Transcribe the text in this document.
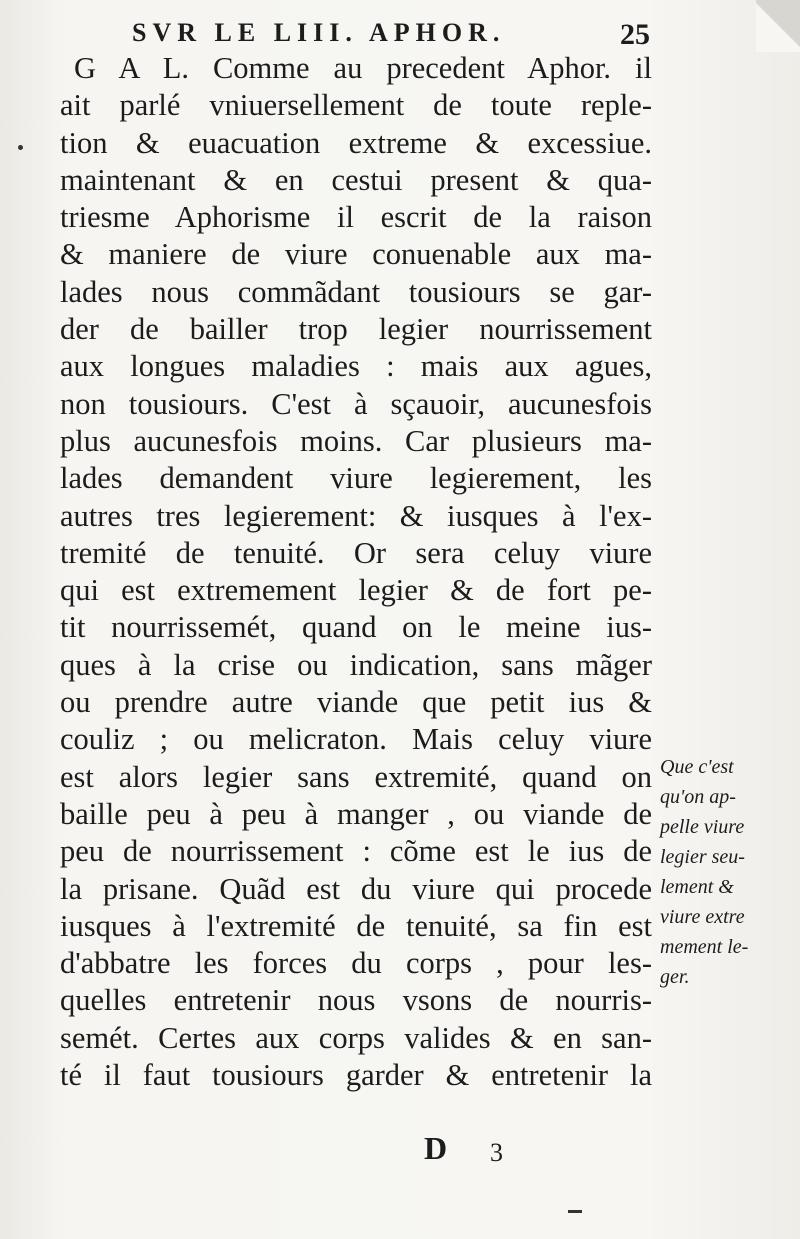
SVR LE LIII. APHOR.	25
G A L. Comme au precedent Aphor. il
ait parlé vniuersellement de toute reple-
tion & euacuation extreme & excessiue.
maintenant & en cestui present & qua-
triesme Aphorisme il escrit de la raison
& maniere de viure conuenable aux ma-
lades nous commãdant tousiours se gar-
der de bailler trop legier nourrissement
aux longues maladies : mais aux agues,
non tousiours. C'est à sçauoir, aucunesfois
plus aucunesfois moins. Car plusieurs ma-
lades demandent viure legierement, les
autres tres legierement: & iusques à l'ex-
tremité de tenuité. Or sera celuy viure
qui est extremement legier & de fort pe-
tit nourrissemét, quand on le meine ius-
ques à la crise ou indication, sans mãger
ou prendre autre viande que petit ius &
couliz ; ou melicraton. Mais celuy viure
est alors legier sans extremité, quand on
baille peu à peu à manger , ou viande de
peu de nourrissement : cõme est le ius de
la prisane. Quãd est du viure qui procede
iusques à l'extremité de tenuité, sa fin est
d'abbatre les forces du corps , pour les-
quelles entretenir nous vsons de nourris-
semét. Certes aux corps valides & en san-
té il faut tousiours garder & entretenir la
Que c'est
qu'on ap-
pelle viure
legier seu-
lement &
viure extre
mement le-
ger.
D 3
